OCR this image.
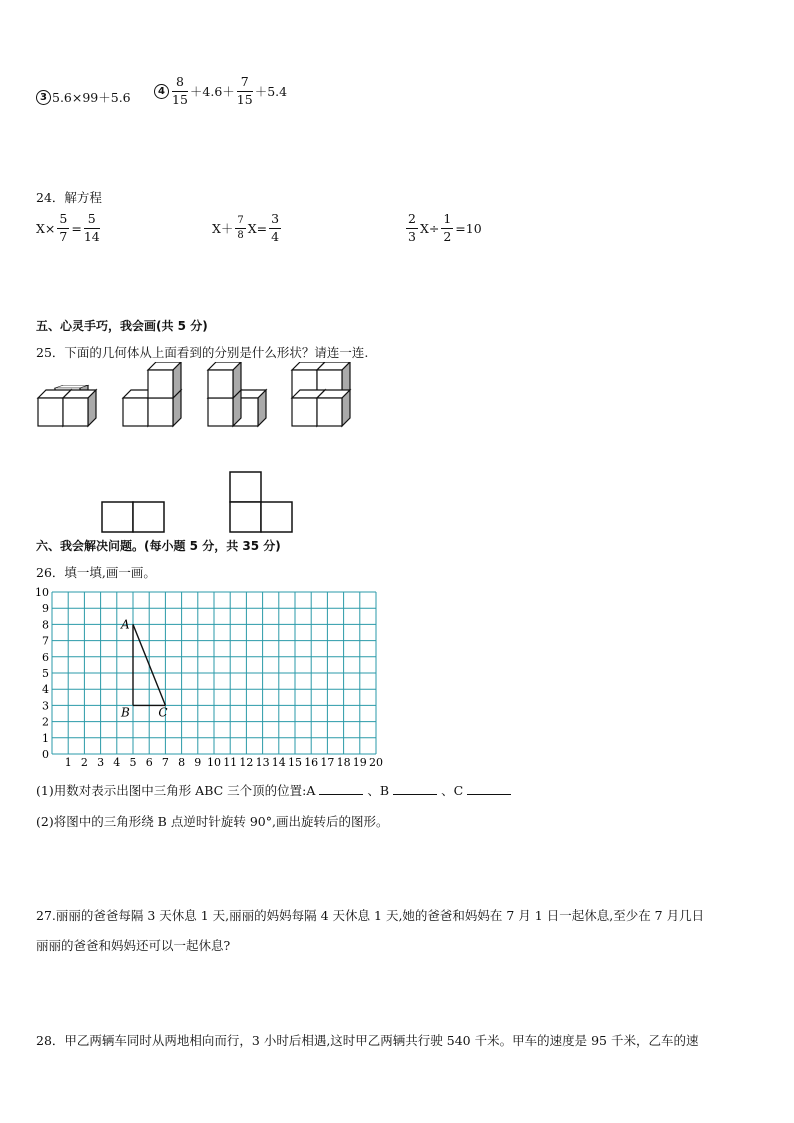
3 5.6×99＋5.6	$4 \frac{8}{15} +4.6+ \frac{7}{15} +5.4$
24．解方程
$X\times \frac{5}{7} = \frac{5}{14}$	$X+ \frac{7}{8} X= \frac{3}{4}$	$\frac{2}{3} X\div \frac{1}{2} =10$
五、心灵手巧，我会画(共 5 分)
25．下面的几何体从上面看到的分别是什么形状？请连一连.
六、我会解决问题。(每小题 5 分，共 35 分)
26．填一填,画一画。
1 2 3 4 5 6 7 8 9 10 11 12 13 14 15 16 17 18 19 20
0
1
2
3
4
5
6
7
8
9
10
A
B C
(1)用数对表示出图中三角形 ABC 三个顶的位置:A	、B	、C
(2)将图中的三角形绕 B 点逆时针旋转 90°,画出旋转后的图形。
27.丽丽的爸爸每隔 3 天休息 1 天,丽丽的妈妈每隔 4 天休息 1 天,她的爸爸和妈妈在 7 月 1 日一起休息,至少在 7 月几日
丽丽的爸爸和妈妈还可以一起休息?
28．甲乙两辆车同时从两地相向而行，3 小时后相遇,这时甲乙两辆共行驶 540 千米。甲车的速度是 95 千米，乙车的速
